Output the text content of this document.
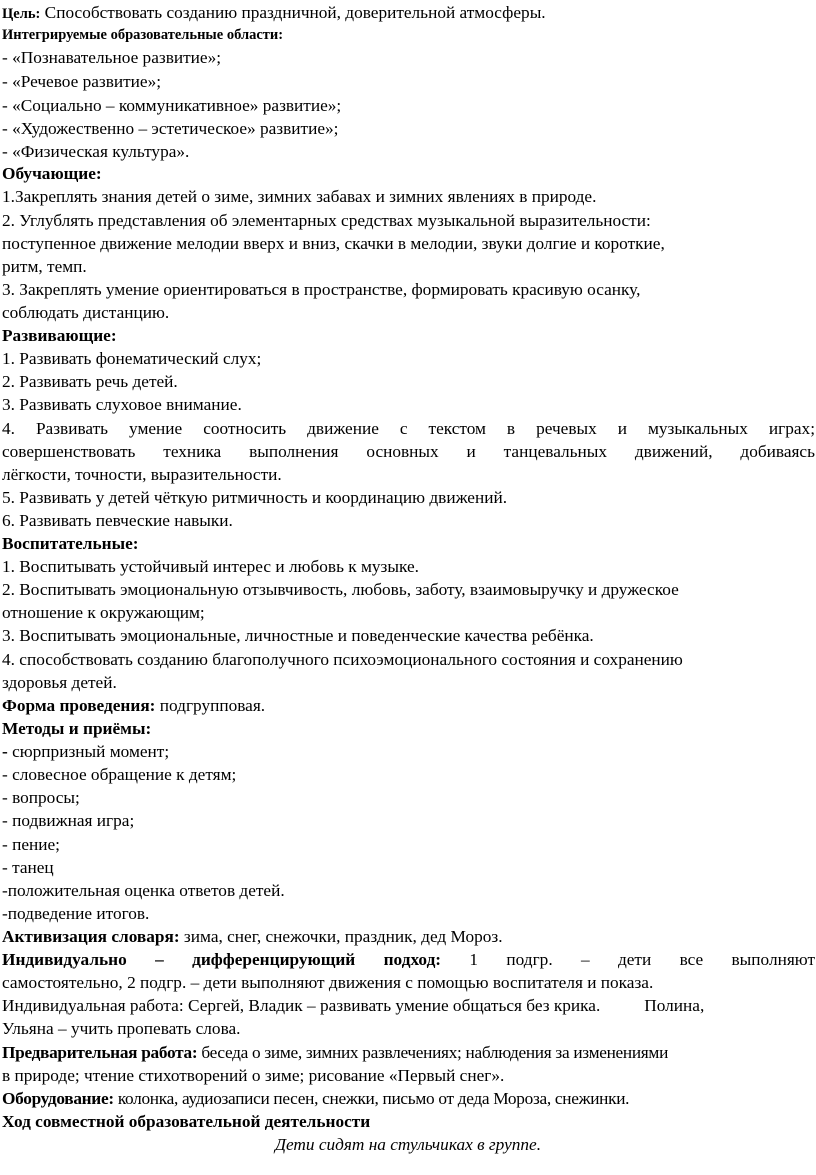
Цель: Способствовать созданию праздничной, доверительной атмосферы.
Интегрируемые образовательные области:
- «Познавательное развитие»;
- «Речевое развитие»;
- «Социально – коммуникативное» развитие»;
- «Художественно – эстетическое» развитие»;
- «Физическая культура».
Обучающие:
1.Закреплять знания детей о зиме, зимних забавах и зимних явлениях в природе.
2. Углублять представления об элементарных средствах музыкальной выразительности:
поступенное движение мелодии вверх и вниз, скачки в мелодии, звуки долгие и короткие,
ритм, темп.
3. Закреплять умение ориентироваться в пространстве, формировать красивую осанку,
соблюдать дистанцию.
Развивающие:
1. Развивать фонематический слух;
2. Развивать речь детей.
3. Развивать слуховое внимание.
4. Развивать умение соотносить движение с текстом в речевых и музыкальных играх;
совершенствовать техника выполнения основных и танцевальных движений, добиваясь
лёгкости, точности, выразительности.
5. Развивать у детей чёткую ритмичность и координацию движений.
6. Развивать певческие навыки.
Воспитательные:
1. Воспитывать устойчивый интерес и любовь к музыке.
2. Воспитывать эмоциональную отзывчивость, любовь, заботу, взаимовыручку и дружеское
отношение к окружающим;
3. Воспитывать эмоциональные, личностные и поведенческие качества ребёнка.
4. способствовать созданию благополучного психоэмоционального состояния и сохранению
здоровья детей.
Форма проведения: подгрупповая.
Методы и приёмы:
- сюрпризный момент;
- словесное обращение к детям;
- вопросы;
- подвижная игра;
- пение;
- танец
-положительная оценка ответов детей.
-подведение итогов.
Активизация словаря: зима, снег, снежочки, праздник, дед Мороз.
Индивидуально – дифференцирующий подход: 1 подгр. – дети все выполняют
самостоятельно, 2 подгр. – дети выполняют движения с помощью воспитателя и показа.
Индивидуальная работа: Сергей, Владик – развивать умение общаться без крика.	Полина,
Ульяна – учить пропевать слова.
Предварительная работа: беседа о зиме, зимних развлечениях; наблюдения за изменениями
в природе; чтение стихотворений о зиме; рисование «Первый снег».
Оборудование: колонка, аудиозаписи песен, снежки, письмо от деда Мороза, снежинки.
Ход совместной образовательной деятельности
Дети сидят на стульчиках в группе.
